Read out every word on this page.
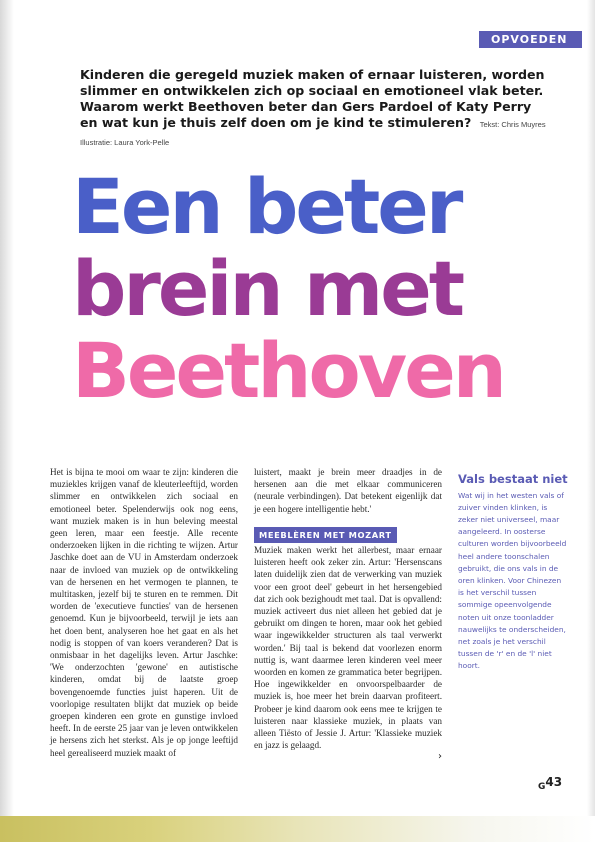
OPVOEDEN
Kinderen die geregeld muziek maken of ernaar luisteren, worden slimmer en ontwikkelen zich op sociaal en emotioneel vlak beter. Waarom werkt Beethoven beter dan Gers Pardoel of Katy Perry en wat kun je thuis zelf doen om je kind te stimuleren? Tekst: Chris Muyres Illustratie: Laura York-Pelle
Een beter
brein met
Beethoven

Het is bijna te mooi om waar te zijn: kinderen die muziekles krijgen vanaf de kleuterleeftijd, worden slimmer en ontwikkelen zich sociaal en emotioneel beter. Spelenderwijs ook nog eens, want muziek maken is in hun beleving meestal geen leren, maar een feestje. Alle recente onderzoeken lijken in die richting te wijzen. Artur Jaschke doet aan de VU in Amsterdam onderzoek naar de invloed van muziek op de ontwikkeling van de hersenen en het vermogen te plannen, te multitasken, jezelf bij te sturen en te remmen. Dit worden de 'executieve functies' van de hersenen genoemd. Kun je bijvoorbeeld, terwijl je iets aan het doen bent, analyseren hoe het gaat en als het nodig is stoppen of van koers veranderen? Dat is onmisbaar in het dagelijks leven. Artur Jaschke: 'We onderzochten 'gewone' en autistische kinderen, omdat bij de laatste groep bovengenoemde functies juist haperen. Uit de voorlopige resultaten blijkt dat muziek op beide groepen kinderen een grote en gunstige invloed heeft. In de eerste 25 jaar van je leven ontwikkelen je hersens zich het sterkst. Als je op jonge leeftijd heel gerealiseerd muziek maakt of

luistert, maakt je brein meer draadjes in de hersenen aan die met elkaar communiceren (neurale verbindingen). Dat betekent eigenlijk dat je een hogere intelligentie hebt.'

MEEBLÈREN MET MOZART

Muziek maken werkt het allerbest, maar ernaar luisteren heeft ook zeker zin. Artur: 'Hersenscans laten duidelijk zien dat de verwerking van muziek voor een groot deel' gebeurt in het hersengebied dat zich ook bezighoudt met taal. Dat is opvallend: muziek activeert dus niet alleen het gebied dat je gebruikt om dingen te horen, maar ook het gebied waar ingewikkelder structuren als taal verwerkt worden.' Bij taal is bekend dat voorlezen enorm nuttig is, want daarmee leren kinderen veel meer woorden en komen ze grammatica beter begrijpen. Hoe ingewikkelder en onvoorspelbaarder de muziek is, hoe meer het brein daarvan profiteert. Probeer je kind daarom ook eens mee te krijgen te luisteren naar klassieke muziek, in plaats van alleen Tiësto of Jessie J. Artur: 'Klassieke muziek en jazz is gelaagd.

Vals bestaat niet

Wat wij in het westen vals of zuiver vinden klinken, is zeker niet universeel, maar aangeleerd. In oosterse culturen worden bijvoorbeeld heel andere toonschalen gebruikt, die ons vals in de oren klinken. Voor Chinezen is het verschil tussen sommige opeenvolgende noten uit onze toonladder nauwelijks te onderscheiden, net zoals je het verschil tussen de 'r' en de 'l' niet hoort.

›
$_G$43
